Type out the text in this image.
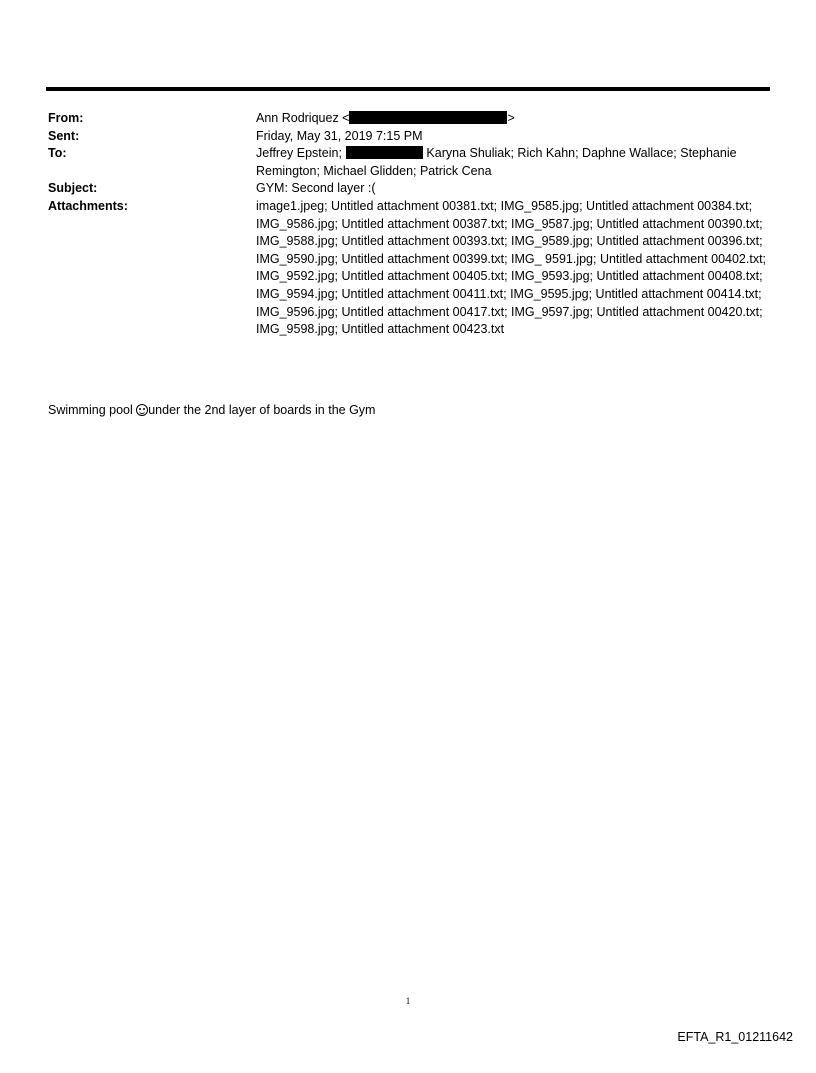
From:	Ann Rodriquez <	>
Sent:	Friday, May 31, 2019 7:15 PM
To:	Jeffrey Epstein;	Karyna Shuliak; Rich Kahn; Daphne Wallace; Stephanie Remington; Michael Glidden; Patrick Cena
Subject:	GYM: Second layer :(
Attachments:	image1.jpeg; Untitled attachment 00381.txt; IMG_9585.jpg; Untitled attachment 00384.txt; IMG_9586.jpg; Untitled attachment 00387.txt; IMG_9587.jpg; Untitled attachment 00390.txt; IMG_9588.jpg; Untitled attachment 00393.txt; IMG_9589.jpg; Untitled attachment 00396.txt; IMG_9590.jpg; Untitled attachment 00399.txt; IMG_ 9591.jpg; Untitled attachment 00402.txt; IMG_9592.jpg; Untitled attachment 00405.txt; IMG_9593.jpg; Untitled attachment 00408.txt; IMG_9594.jpg; Untitled attachment 00411.txt; IMG_9595.jpg; Untitled attachment 00414.txt; IMG_9596.jpg; Untitled attachment 00417.txt; IMG_9597.jpg; Untitled attachment 00420.txt; IMG_9598.jpg; Untitled attachment 00423.txt
Swimming pool under the 2nd layer of boards in the Gym
1
EFTA_R1_01211642
